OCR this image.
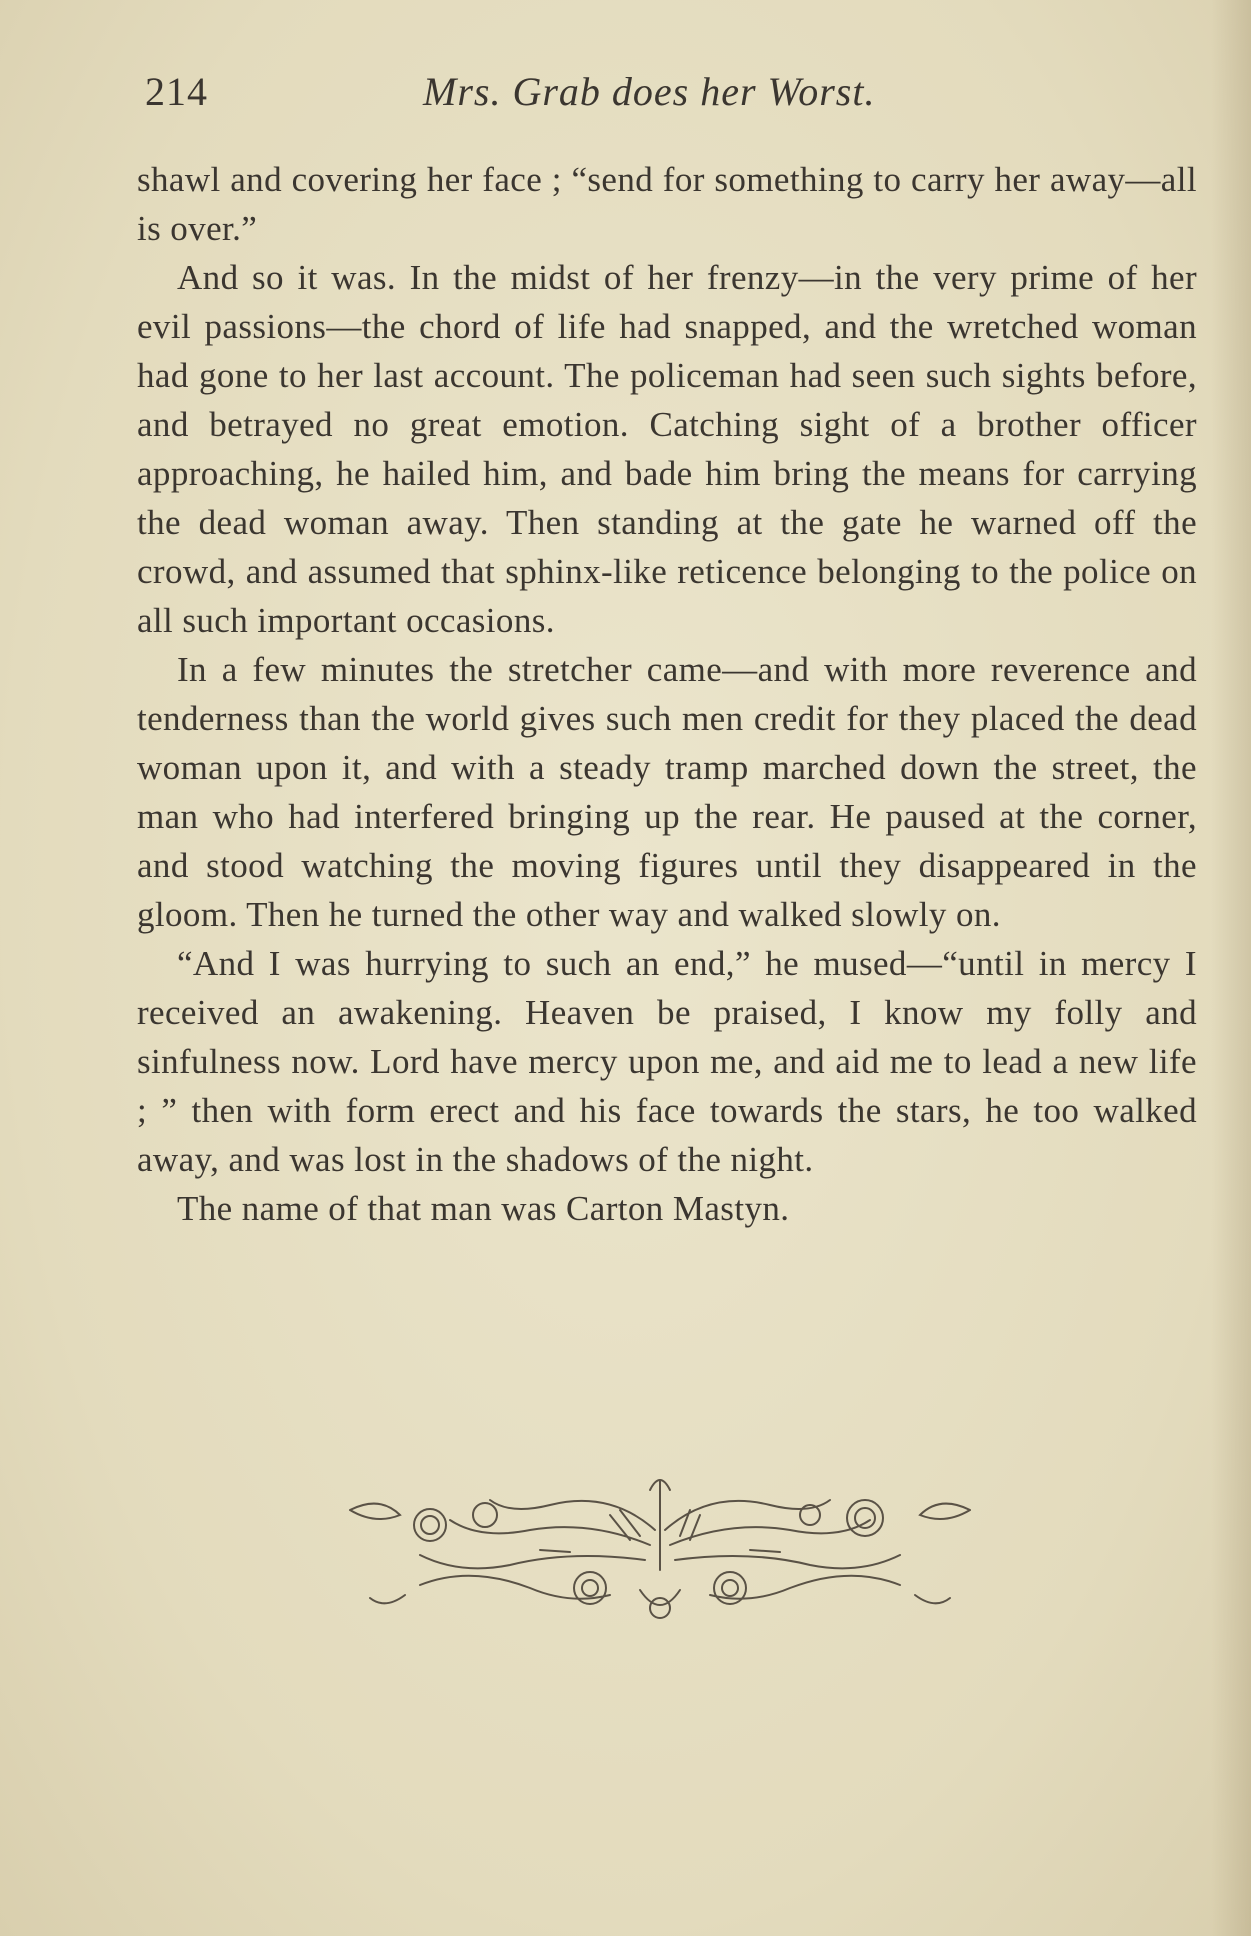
214	Mrs. Grab does her Worst.

shawl and covering her face ; “send for something to carry her away—all is over.”

And so it was. In the midst of her frenzy—in the very prime of her evil passions—the chord of life had snapped, and the wretched woman had gone to her last account. The policeman had seen such sights before, and betrayed no great emotion. Catching sight of a brother officer approaching, he hailed him, and bade him bring the means for carrying the dead woman away. Then standing at the gate he warned off the crowd, and assumed that sphinx-like reticence belonging to the police on all such important occasions.

In a few minutes the stretcher came—and with more reverence and tenderness than the world gives such men credit for they placed the dead woman upon it, and with a steady tramp marched down the street, the man who had interfered bringing up the rear. He paused at the corner, and stood watching the moving figures until they disappeared in the gloom. Then he turned the other way and walked slowly on.

“And I was hurrying to such an end,” he mused—“until in mercy I received an awakening. Heaven be praised, I know my folly and sinfulness now. Lord have mercy upon me, and aid me to lead a new life ; ” then with form erect and his face towards the stars, he too walked away, and was lost in the shadows of the night.

The name of that man was Carton Mastyn.
